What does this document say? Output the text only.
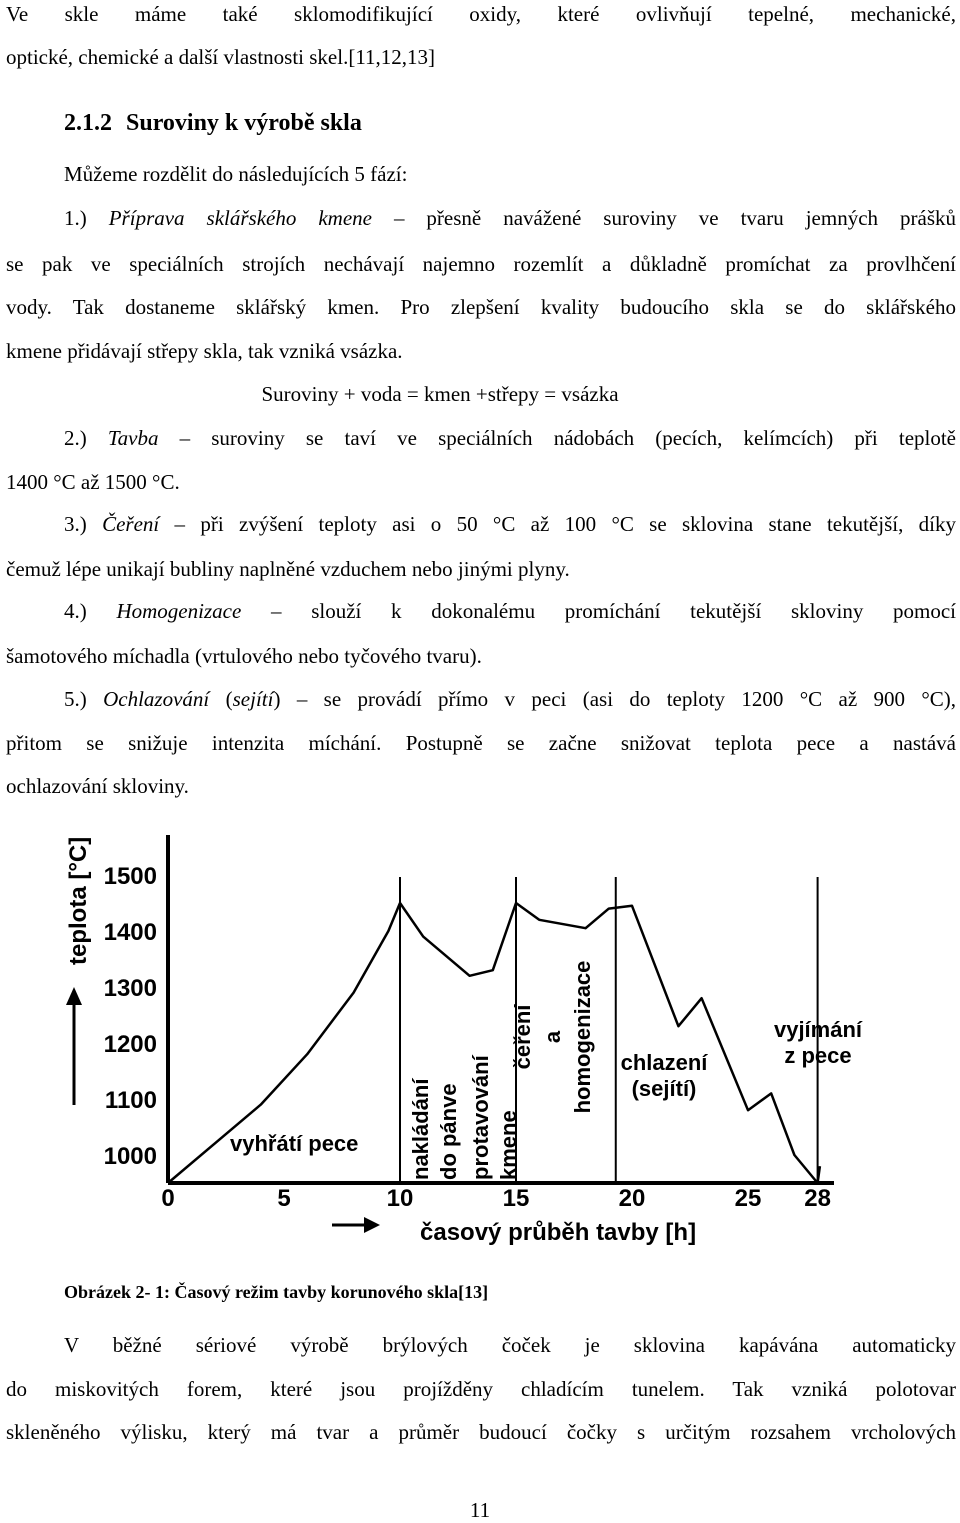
Ve skle máme také sklomodifikující oxidy, které ovlivňují tepelné, mechanické,
optické, chemické a další vlastnosti skel.[11,12,13]
2.1.2 Suroviny k výrobě skla
Můžeme rozdělit do následujících 5 fází:
1.) Příprava sklářského kmene – přesně navážené suroviny ve tvaru jemných prášků
se pak ve speciálních strojích nechávají najemno rozemlít a důkladně promíchat za provlhčení
vody. Tak dostaneme sklářský kmen. Pro zlepšení kvality budoucího skla se do sklářského
kmene přidávají střepy skla, tak vzniká vsázka.
Suroviny + voda = kmen +střepy = vsázka
2.) Tavba – suroviny se taví ve speciálních nádobách (pecích, kelímcích) při teplotě
1400 °C až 1500 °C.
3.) Čeření – při zvýšení teploty asi o 50 °C až 100 °C se sklovina stane tekutější, díky
čemuž lépe unikají bubliny naplněné vzduchem nebo jinými plyny.
4.) Homogenizace – slouží k dokonalému promíchání tekutější skloviny pomocí
šamotového míchadla (vrtulového nebo tyčového tvaru).
5.) Ochlazování (sejítí) – se provádí přímo v peci (asi do teploty 1200 °C až 900 °C),
přitom se snižuje intenzita míchání. Postupně se začne snižovat teplota pece a nastává
ochlazování skloviny.
teplota [°C]
časový průběh tavby [h]
1000
1100
1200
1300
1400
1500
0	5	10	15	20	25 28
vyhřátí pece nakládání do pánve protavování kmene
čeření a homogenizace chlazení
(sejítí)
vyjímání
z pece
Obrázek 2- 1: Časový režim tavby korunového skla[13]
V běžné sériové výrobě brýlových čoček je sklovina kapávána automaticky
do miskovitých forem, které jsou projížděny chladícím tunelem. Tak vzniká polotovar
skleněného výlisku, který má tvar a průměr budoucí čočky s určitým rozsahem vrcholových
11
